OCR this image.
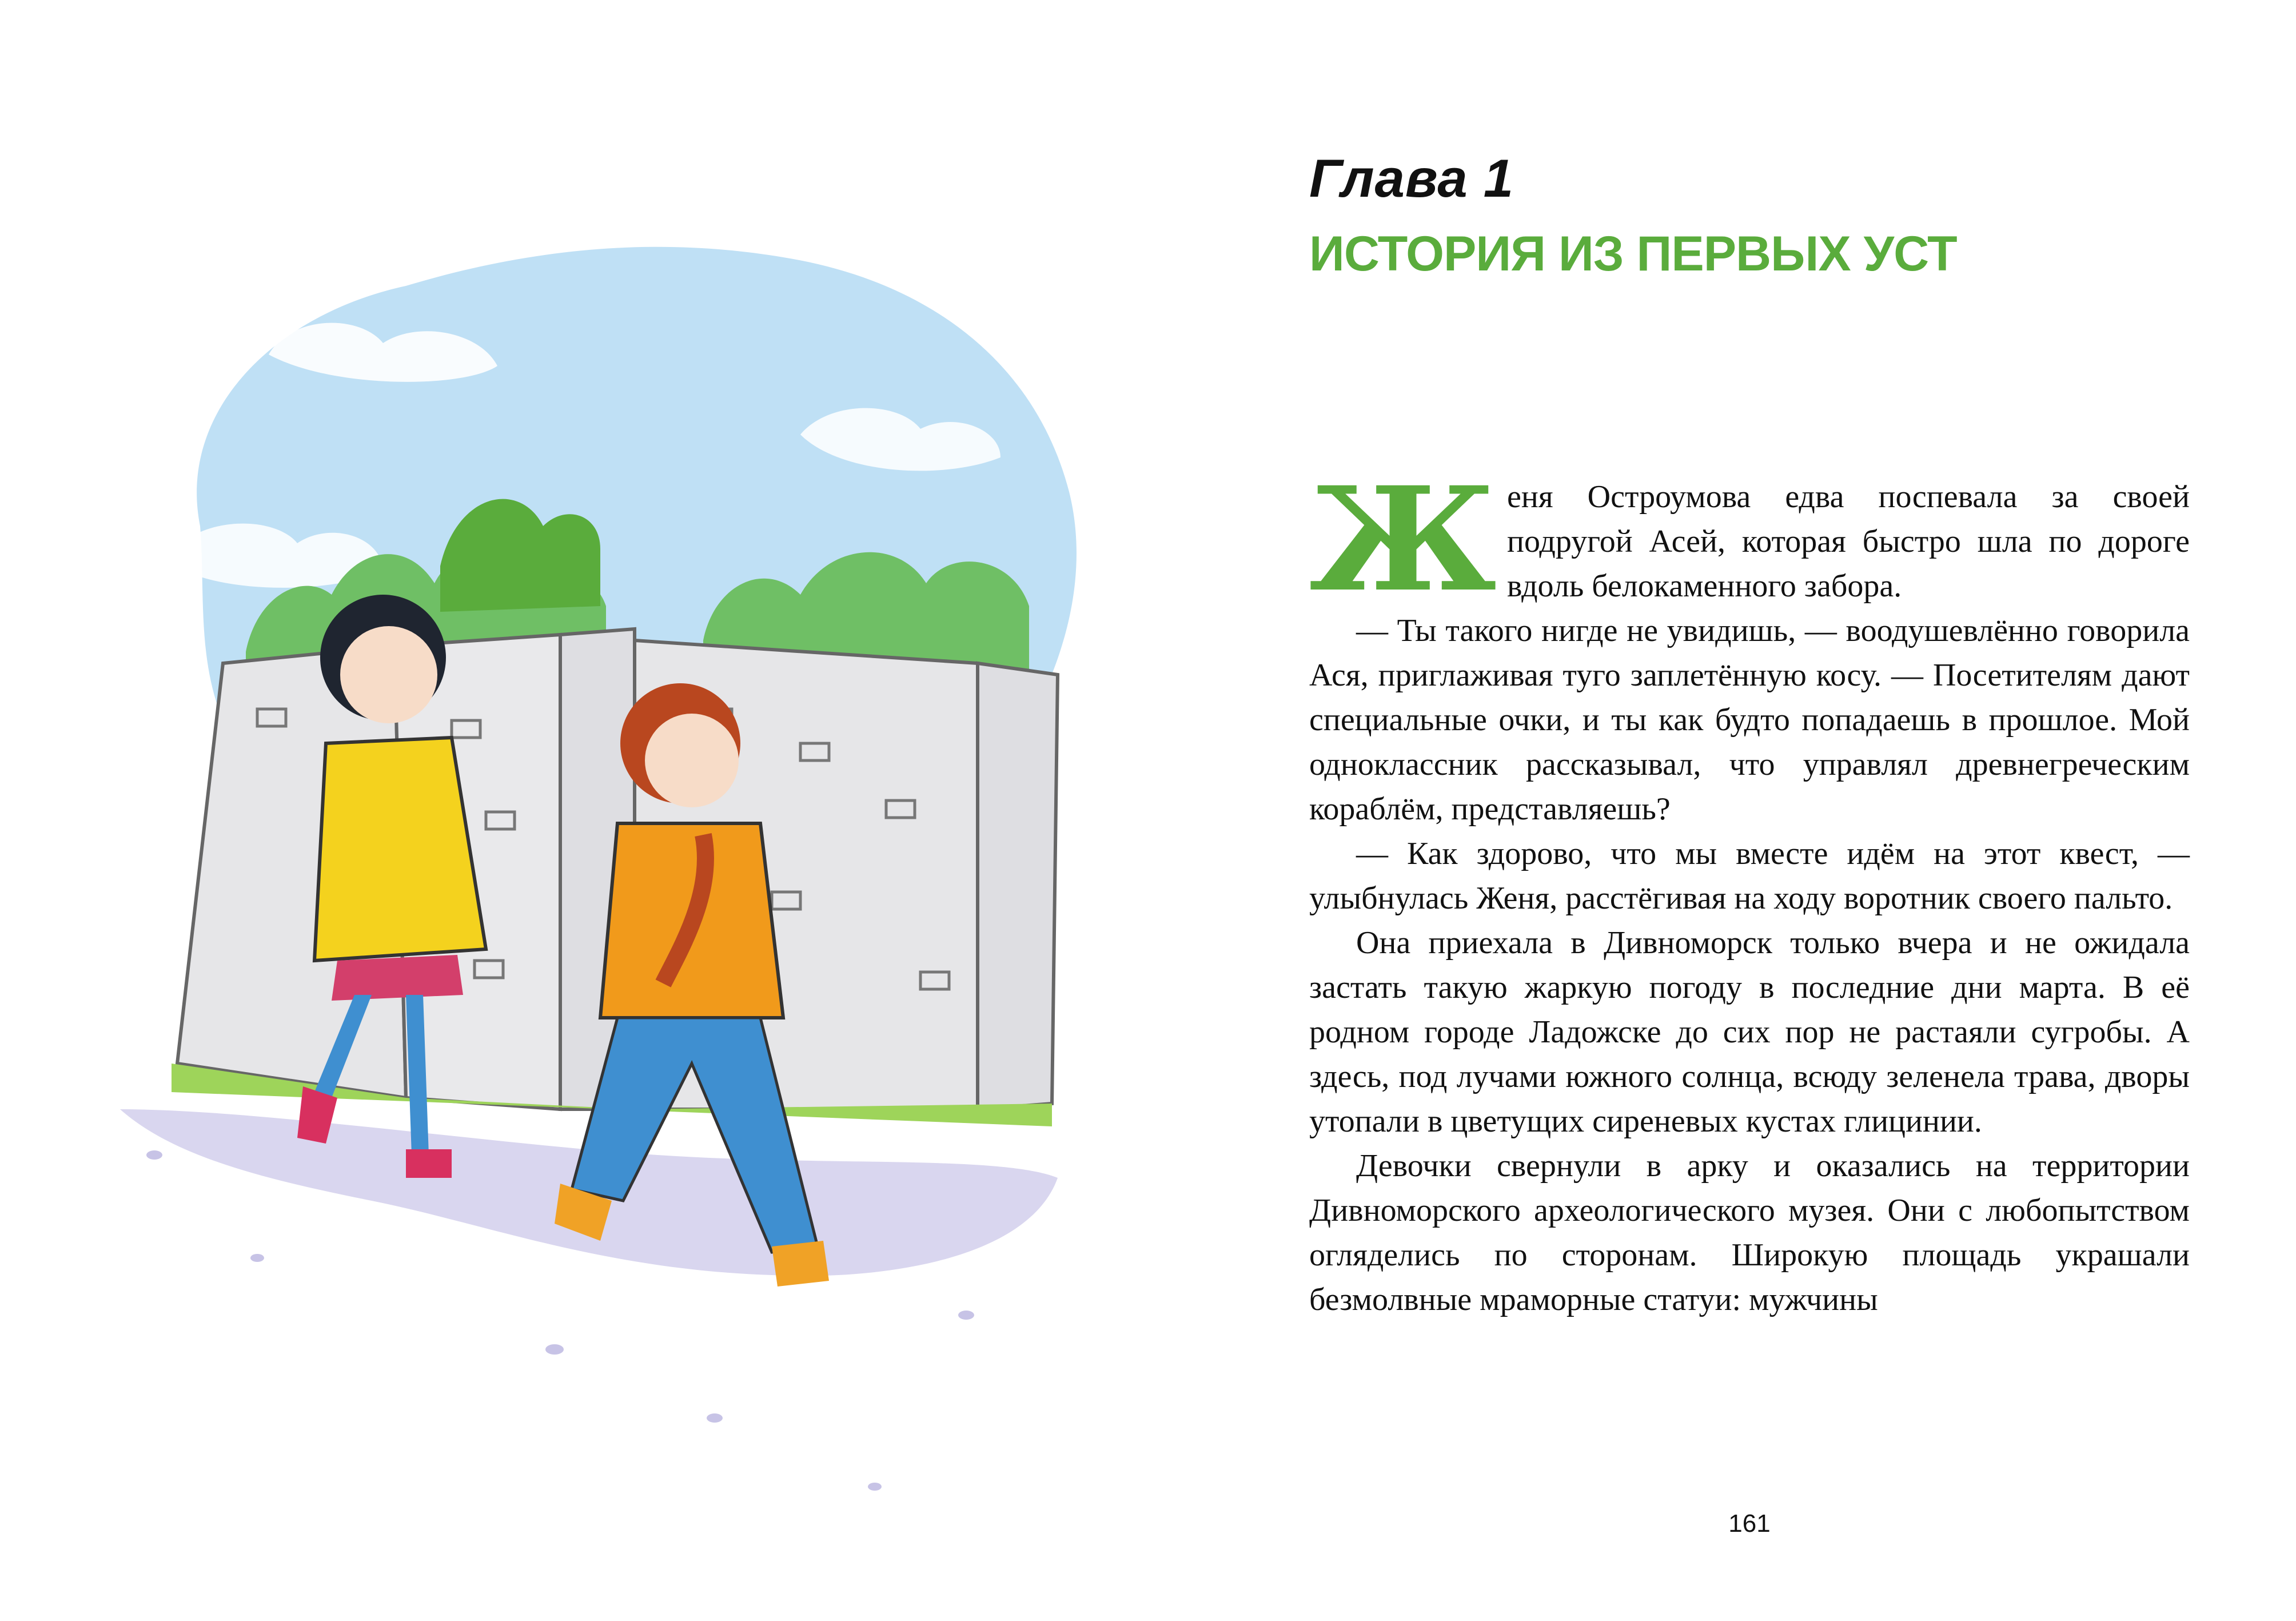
Глава 1
ИСТОРИЯ ИЗ ПЕРВЫХ УСТ

Женя Остроумова едва поспевала за своей подругой Асей, которая быстро шла по дороге вдоль белокаменного забора.

— Ты такого нигде не увидишь, — воодушевлённо говорила Ася, приглаживая туго заплетённую косу. — Посетителям дают специальные очки, и ты как будто попадаешь в прошлое. Мой одноклассник рассказывал, что управлял древнегреческим кораблём, представляешь?

— Как здорово, что мы вместе идём на этот квест, — улыбнулась Женя, расстёгивая на ходу воротник своего пальто.

Она приехала в Дивноморск только вчера и не ожидала застать такую жаркую погоду в последние дни марта. В её родном городе Ладожске до сих пор не растаяли сугробы. А здесь, под лучами южного солнца, всюду зеленела трава, дворы утопали в цветущих сиреневых кустах глицинии.

Девочки свернули в арку и оказались на территории Дивноморского археологического музея. Они с любопытством огляделись по сторонам. Широкую площадь украшали безмолвные мраморные статуи: мужчины

161
